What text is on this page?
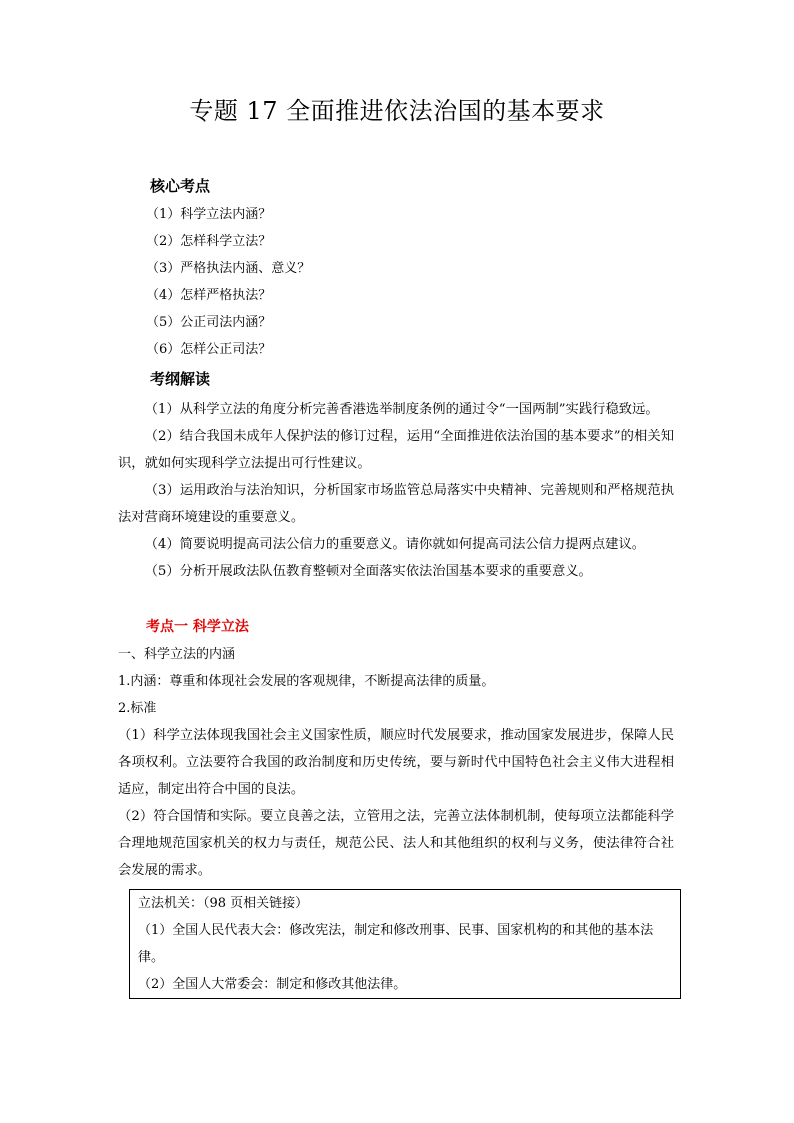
专题 17 全面推进依法治国的基本要求
核心考点
（1）科学立法内涵？
（2）怎样科学立法？
（3）严格执法内涵、意义？
（4）怎样严格执法？
（5）公正司法内涵？
（6）怎样公正司法？
考纲解读

（1）从科学立法的角度分析完善香港选举制度条例的通过令“一国两制”实践行稳致远。

（2）结合我国未成年人保护法的修订过程，运用“全面推进依法治国的基本要求”的相关知识，就如何实现科学立法提出可行性建议。

（3）运用政治与法治知识，分析国家市场监管总局落实中央精神、完善规则和严格规范执法对营商环境建设的重要意义。

（4）简要说明提高司法公信力的重要意义。请你就如何提高司法公信力提两点建议。

（5）分析开展政法队伍教育整顿对全面落实依法治国基本要求的重要意义。

考点一 科学立法
一、科学立法的内涵
1.内涵：尊重和体现社会发展的客观规律，不断提高法律的质量。
2.标准

（1）科学立法体现我国社会主义国家性质，顺应时代发展要求，推动国家发展进步，保障人民各项权利。立法要符合我国的政治制度和历史传统，要与新时代中国特色社会主义伟大进程相适应，制定出符合中国的良法。

（2）符合国情和实际。要立良善之法，立管用之法，完善立法体制机制，使每项立法都能科学合理地规范国家机关的权力与责任，规范公民、法人和其他组织的权利与义务，使法律符合社会发展的需求。

立法机关：（98 页相关链接）
（1）全国人民代表大会：修改宪法，制定和修改刑事、民事、国家机构的和其他的基本法律。
（2）全国人大常委会：制定和修改其他法律。
